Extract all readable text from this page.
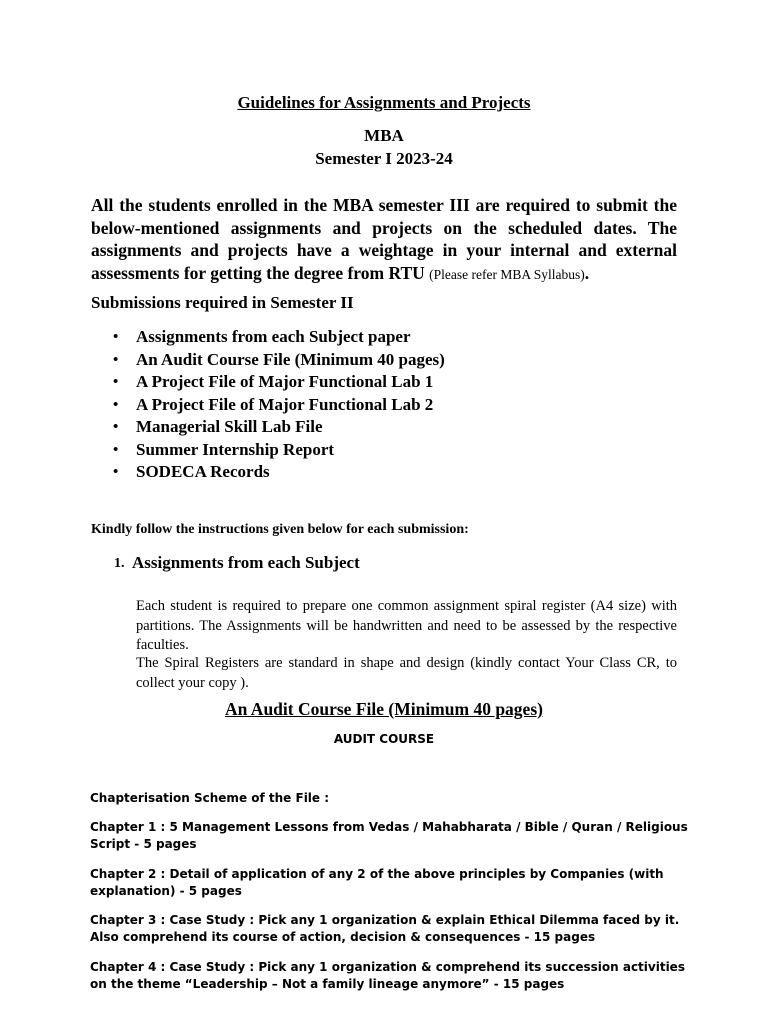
Guidelines for Assignments and Projects
MBA
Semester I 2023-24
All the students enrolled in the MBA semester III are required to submit the below-mentioned assignments and projects on the scheduled dates. The assignments and projects have a weightage in your internal and external assessments for getting the degree from RTU (Please refer MBA Syllabus).
Submissions required in Semester II
• Assignments from each Subject paper
• An Audit Course File (Minimum 40 pages)
• A Project File of Major Functional Lab 1
• A Project File of Major Functional Lab 2
• Managerial Skill Lab File
• Summer Internship Report
• SODECA Records
Kindly follow the instructions given below for each submission:
1. Assignments from each Subject
Each student is required to prepare one common assignment spiral register (A4 size) with partitions. The Assignments will be handwritten and need to be assessed by the respective faculties.
The Spiral Registers are standard in shape and design (kindly contact Your Class CR, to collect your copy ).
An Audit Course File (Minimum 40 pages)
AUDIT COURSE
Chapterisation Scheme of the File :
Chapter 1 : 5 Management Lessons from Vedas / Mahabharata / Bible / Quran / Religious Script - 5 pages
Chapter 2 : Detail of application of any 2 of the above principles by Companies (with explanation) - 5 pages
Chapter 3 : Case Study : Pick any 1 organization & explain Ethical Dilemma faced by it. Also comprehend its course of action, decision & consequences - 15 pages
Chapter 4 : Case Study : Pick any 1 organization & comprehend its succession activities on the theme “Leadership – Not a family lineage anymore” - 15 pages
